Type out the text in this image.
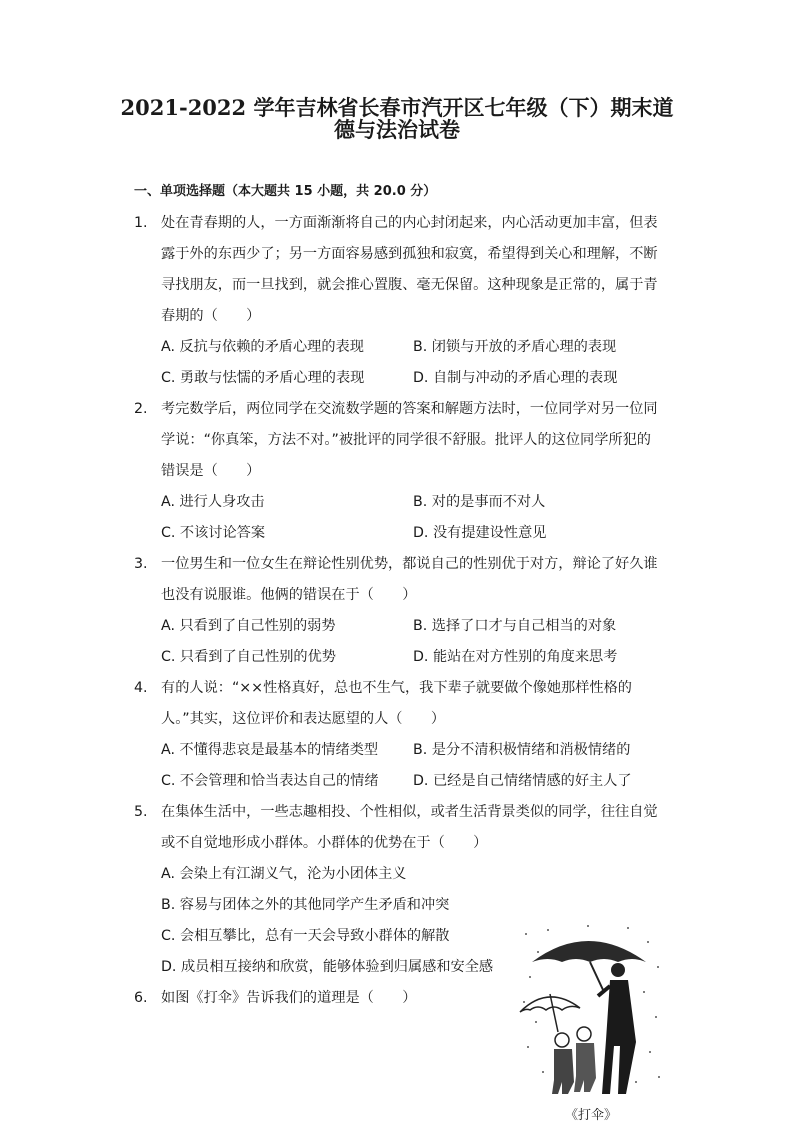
2021-2022 学年吉林省长春市汽开区七年级（下）期末道
德与法治试卷
一、单项选择题（本大题共 15 小题，共 20.0 分）
1. 处在青春期的人，一方面渐渐将自己的内心封闭起来，内心活动更加丰富，但表露于外的东西少了；另一方面容易感到孤独和寂寞，希望得到关心和理解，不断寻找朋友，而一旦找到，就会推心置腹、毫无保留。这种现象是正常的，属于青春期的（　　）
A. 反抗与依赖的矛盾心理的表现	B. 闭锁与开放的矛盾心理的表现
C. 勇敢与怯懦的矛盾心理的表现	D. 自制与冲动的矛盾心理的表现
2. 考完数学后，两位同学在交流数学题的答案和解题方法时，一位同学对另一位同学说：“你真笨，方法不对。”被批评的同学很不舒服。批评人的这位同学所犯的错误是（　　）
A. 进行人身攻击	B. 对的是事而不对人
C. 不该讨论答案	D. 没有提建设性意见
3. 一位男生和一位女生在辩论性别优势，都说自己的性别优于对方，辩论了好久谁也没有说服谁。他俩的错误在于（　　）
A. 只看到了自己性别的弱势	B. 选择了口才与自己相当的对象
C. 只看到了自己性别的优势	D. 能站在对方性别的角度来思考
4. 有的人说：“××性格真好，总也不生气，我下辈子就要做个像她那样性格的人。”其实，这位评价和表达愿望的人（　　）
A. 不懂得悲哀是最基本的情绪类型	B. 是分不清积极情绪和消极情绪的
C. 不会管理和恰当表达自己的情绪	D. 已经是自己情绪情感的好主人了
5. 在集体生活中，一些志趣相投、个性相似，或者生活背景类似的同学，往往自觉或不自觉地形成小群体。小群体的优势在于（　　）
A. 会染上有江湖义气，沦为小团体主义
B. 容易与团体之外的其他同学产生矛盾和冲突
C. 会相互攀比，总有一天会导致小群体的解散
D. 成员相互接纳和欣赏，能够体验到归属感和安全感
6. 如图《打伞》告诉我们的道理是（　　）
《打伞》
